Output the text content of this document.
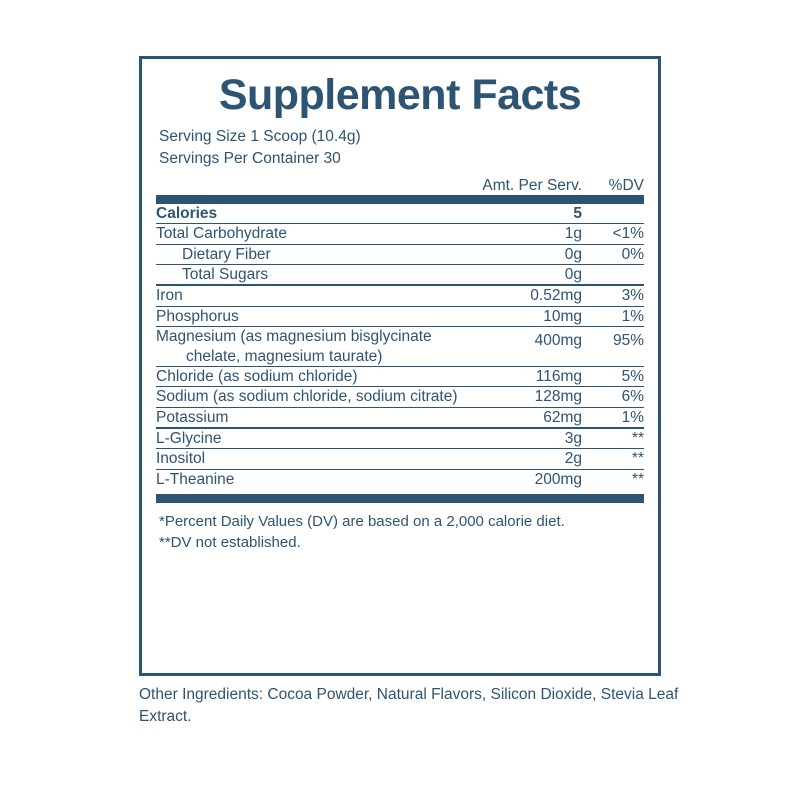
Supplement Facts
Serving Size 1 Scoop (10.4g)
Servings Per Container 30
	Amt. Per Serv.	%DV

Calories	5	
Total Carbohydrate	1g	<1%
Dietary Fiber	0g	0%
Total Sugars	0g	
Iron	0.52mg	3%
Phosphorus	10mg	1%
Magnesium (as magnesium bisglycinate
chelate, magnesium taurate)	400mg	95%
Chloride (as sodium chloride)	116mg	5%
Sodium (as sodium chloride, sodium citrate)	128mg	6%
Potassium	62mg	1%
L-Glycine	3g	**
Inositol	2g	**
L-Theanine	200mg	**

*Percent Daily Values (DV) are based on a 2,000 calorie diet.
**DV not established.
Other Ingredients: Cocoa Powder, Natural Flavors, Silicon Dioxide, Stevia Leaf Extract.
